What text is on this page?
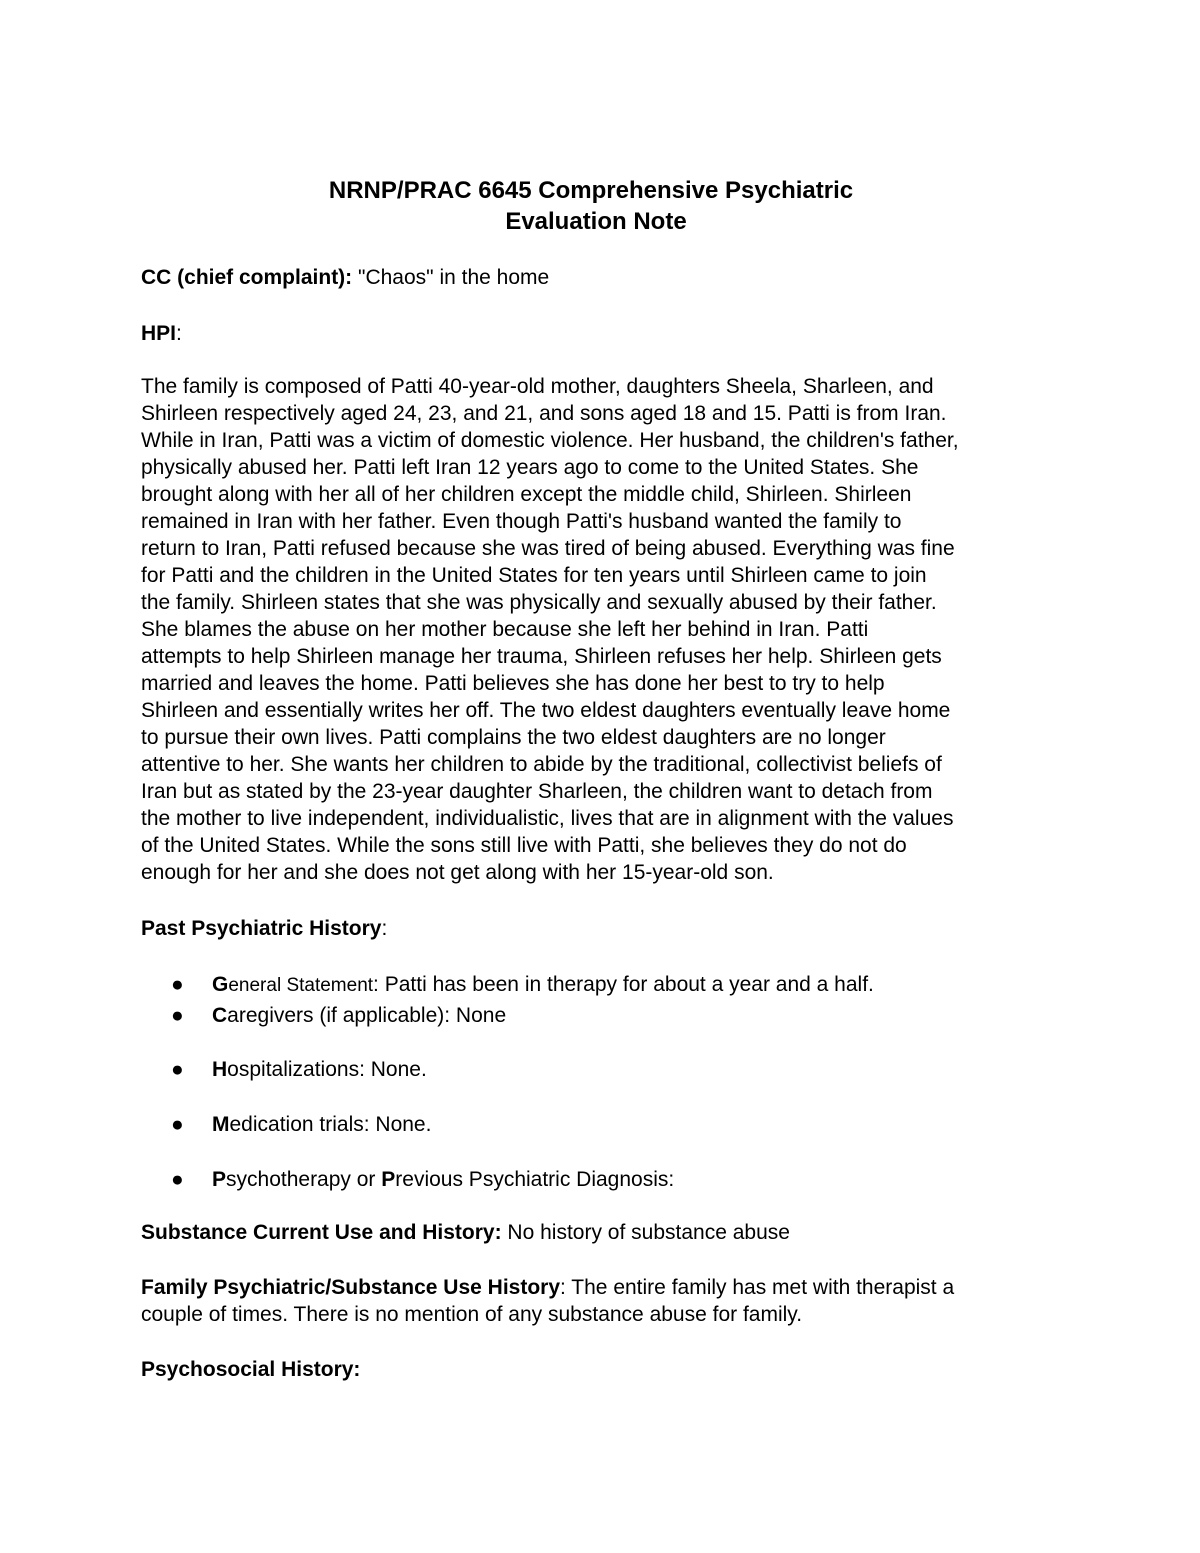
NRNP/PRAC 6645 Comprehensive Psychiatric
Evaluation Note
CC (chief complaint): "Chaos" in the home
HPI:
The family is composed of Patti 40-year-old mother, daughters Sheela, Sharleen, and
Shirleen respectively aged 24, 23, and 21, and sons aged 18 and 15. Patti is from Iran.
While in Iran, Patti was a victim of domestic violence. Her husband, the children's father,
physically abused her. Patti left Iran 12 years ago to come to the United States. She
brought along with her all of her children except the middle child, Shirleen. Shirleen
remained in Iran with her father. Even though Patti's husband wanted the family to
return to Iran, Patti refused because she was tired of being abused. Everything was fine
for Patti and the children in the United States for ten years until Shirleen came to join
the family. Shirleen states that she was physically and sexually abused by their father.
She blames the abuse on her mother because she left her behind in Iran. Patti
attempts to help Shirleen manage her trauma, Shirleen refuses her help. Shirleen gets
married and leaves the home. Patti believes she has done her best to try to help
Shirleen and essentially writes her off. The two eldest daughters eventually leave home
to pursue their own lives. Patti complains the two eldest daughters are no longer
attentive to her. She wants her children to abide by the traditional, collectivist beliefs of
Iran but as stated by the 23-year daughter Sharleen, the children want to detach from
the mother to live independent, individualistic, lives that are in alignment with the values
of the United States. While the sons still live with Patti, she believes they do not do
enough for her and she does not get along with her 15-year-old son.
Past Psychiatric History:
● General Statement: Patti has been in therapy for about a year and a half.
● Caregivers (if applicable): None
● Hospitalizations: None.
● Medication trials: None.
● Psychotherapy or Previous Psychiatric Diagnosis:
Substance Current Use and History: No history of substance abuse
Family Psychiatric/Substance Use History: The entire family has met with therapist a
couple of times. There is no mention of any substance abuse for family.
Psychosocial History:
